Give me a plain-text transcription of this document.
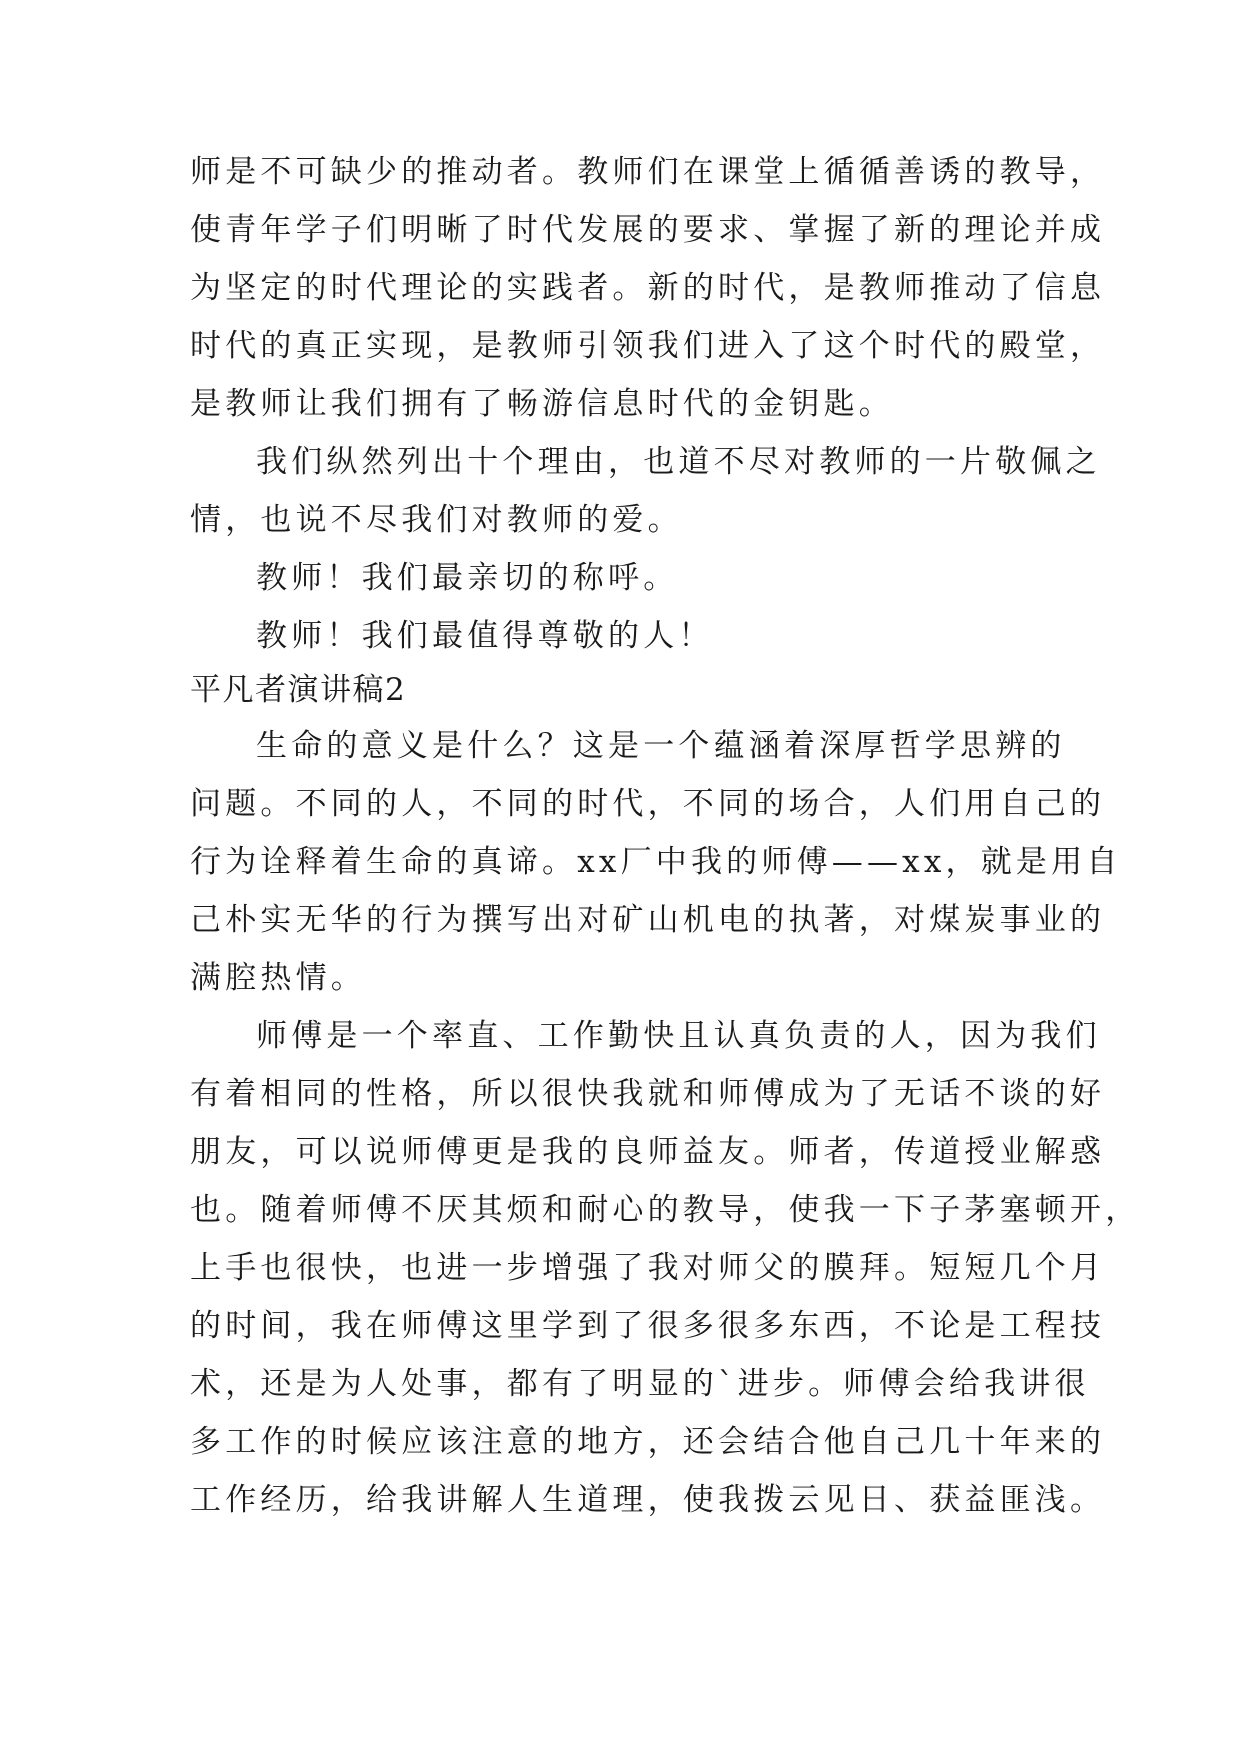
师是不可缺少的推动者。教师们在课堂上循循善诱的教导，
使青年学子们明晰了时代发展的要求、掌握了新的理论并成
为坚定的时代理论的实践者。新的时代，是教师推动了信息
时代的真正实现，是教师引领我们进入了这个时代的殿堂，
是教师让我们拥有了畅游信息时代的金钥匙。
我们纵然列出十个理由，也道不尽对教师的一片敬佩之
情，也说不尽我们对教师的爱。
教师！我们最亲切的称呼。
教师！我们最值得尊敬的人！
平凡者演讲稿2
生命的意义是什么？这是一个蕴涵着深厚哲学思辨的
问题。不同的人，不同的时代，不同的场合，人们用自己的
行为诠释着生命的真谛。xx厂中我的师傅——xx，就是用自
己朴实无华的行为撰写出对矿山机电的执著，对煤炭事业的
满腔热情。
师傅是一个率直、工作勤快且认真负责的人，因为我们
有着相同的性格，所以很快我就和师傅成为了无话不谈的好
朋友，可以说师傅更是我的良师益友。师者，传道授业解惑
也。随着师傅不厌其烦和耐心的教导，使我一下子茅塞顿开，
上手也很快，也进一步增强了我对师父的膜拜。短短几个月
的时间，我在师傅这里学到了很多很多东西，不论是工程技
术，还是为人处事，都有了明显的`进步。师傅会给我讲很
多工作的时候应该注意的地方，还会结合他自己几十年来的
工作经历，给我讲解人生道理，使我拨云见日、获益匪浅。
